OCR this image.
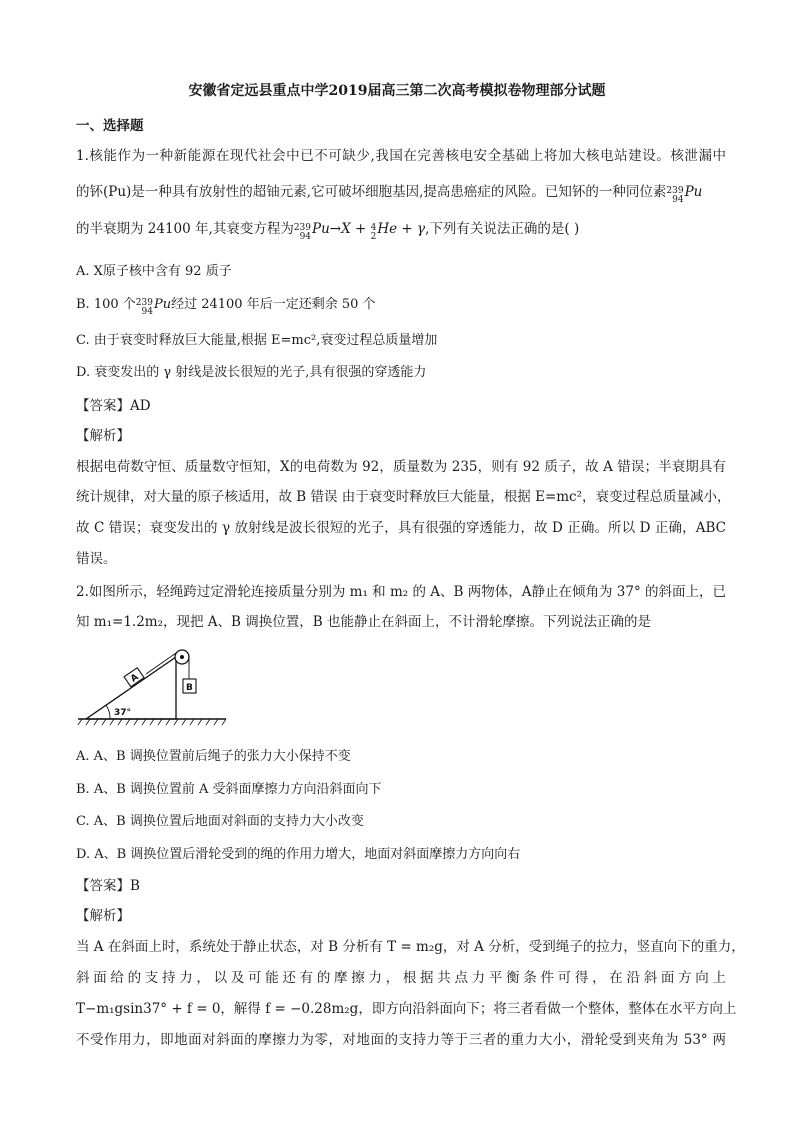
安徽省定远县重点中学2019届高三第二次高考模拟卷物理部分试题
一、选择题
1.核能作为一种新能源在现代社会中已不可缺少,我国在完善核电安全基础上将加大核电站建设。核泄漏中
的钚(Pu)是一种具有放射性的超铀元素,它可破坏细胞基因,提高患癌症的风险。已知钚的一种同位素239
94Pu
的半衰期为 24100 年,其衰变方程为239
94Pu→X + 4
2He + γ,下列有关说法正确的是( )
A. X原子核中含有 92 质子
B. 100 个239
94Pu经过 24100 年后一定还剩余 50 个
C. 由于衰变时释放巨大能量,根据 E=mc²,衰变过程总质量增加
D. 衰变发出的 γ 射线是波长很短的光子,具有很强的穿透能力
【答案】AD
【解析】
根据电荷数守恒、质量数守恒知，X的电荷数为 92，质量数为 235，则有 92 质子，故 A 错误；半衰期具有
统计规律，对大量的原子核适用，故 B 错误 由于衰变时释放巨大能量，根据 E=mc²，衰变过程总质量减小，
故 C 错误；衰变发出的 γ 放射线是波长很短的光子，具有很强的穿透能力，故 D 正确。所以 D 正确，ABC
错误。
2.如图所示，轻绳跨过定滑轮连接质量分别为 m₁ 和 m₂ 的 A、B 两物体，A静止在倾角为 37° 的斜面上，已
知 m₁=1.2m₂，现把 A、B 调换位置，B 也能静止在斜面上，不计滑轮摩擦。下列说法正确的是
37°
A
B
A. A、B 调换位置前后绳子的张力大小保持不变
B. A、B 调换位置前 A 受斜面摩擦力方向沿斜面向下
C. A、B 调换位置后地面对斜面的支持力大小改变
D. A、B 调换位置后滑轮受到的绳的作用力增大，地面对斜面摩擦力方向向右
【答案】B
【解析】
当 A 在斜面上时，系统处于静止状态，对 B 分析有 T = m₂g，对 A 分析，受到绳子的拉力，竖直向下的重力，
斜面给的支持力，以及可能还有的摩擦力，根据共点力平衡条件可得，在沿斜面方向上
T−m₁gsin37° + f = 0，解得 f = −0.28m₂g，即方向沿斜面向下；将三者看做一个整体，整体在水平方向上
不受作用力，即地面对斜面的摩擦力为零，对地面的支持力等于三者的重力大小，滑轮受到夹角为 53° 两
